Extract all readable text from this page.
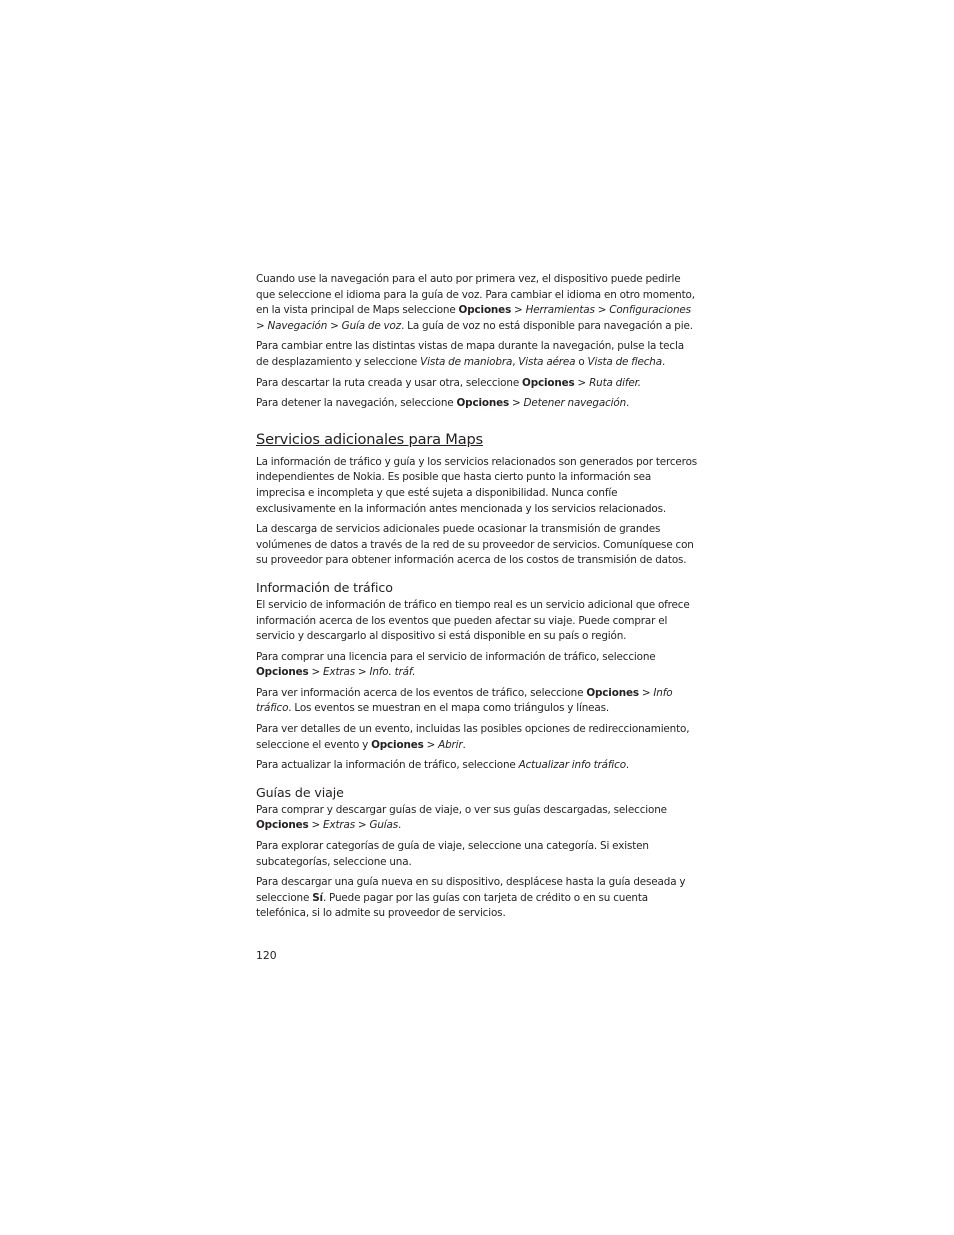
Cuando use la navegación para el auto por primera vez, el dispositivo puede pedirle que seleccione el idioma para la guía de voz. Para cambiar el idioma en otro momento, en la vista principal de Maps seleccione Opciones > Herramientas > Configuraciones > Navegación > Guía de voz. La guía de voz no está disponible para navegación a pie.

Para cambiar entre las distintas vistas de mapa durante la navegación, pulse la tecla de desplazamiento y seleccione Vista de maniobra, Vista aérea o Vista de flecha.

Para descartar la ruta creada y usar otra, seleccione Opciones > Ruta difer.

Para detener la navegación, seleccione Opciones > Detener navegación.

Servicios adicionales para Maps

La información de tráfico y guía y los servicios relacionados son generados por terceros independientes de Nokia. Es posible que hasta cierto punto la información sea imprecisa e incompleta y que esté sujeta a disponibilidad. Nunca confíe exclusivamente en la información antes mencionada y los servicios relacionados.

La descarga de servicios adicionales puede ocasionar la transmisión de grandes volúmenes de datos a través de la red de su proveedor de servicios. Comuníquese con su proveedor para obtener información acerca de los costos de transmisión de datos.

Información de tráfico

El servicio de información de tráfico en tiempo real es un servicio adicional que ofrece información acerca de los eventos que pueden afectar su viaje. Puede comprar el servicio y descargarlo al dispositivo si está disponible en su país o región.

Para comprar una licencia para el servicio de información de tráfico, seleccione Opciones > Extras > Info. tráf.

Para ver información acerca de los eventos de tráfico, seleccione Opciones > Info tráfico. Los eventos se muestran en el mapa como triángulos y líneas.

Para ver detalles de un evento, incluidas las posibles opciones de redireccionamiento, seleccione el evento y Opciones > Abrir.

Para actualizar la información de tráfico, seleccione Actualizar info tráfico.

Guías de viaje

Para comprar y descargar guías de viaje, o ver sus guías descargadas, seleccione Opciones > Extras > Guías.

Para explorar categorías de guía de viaje, seleccione una categoría. Si existen subcategorías, seleccione una.

Para descargar una guía nueva en su dispositivo, desplácese hasta la guía deseada y seleccione Sí. Puede pagar por las guías con tarjeta de crédito o en su cuenta telefónica, si lo admite su proveedor de servicios.

120
